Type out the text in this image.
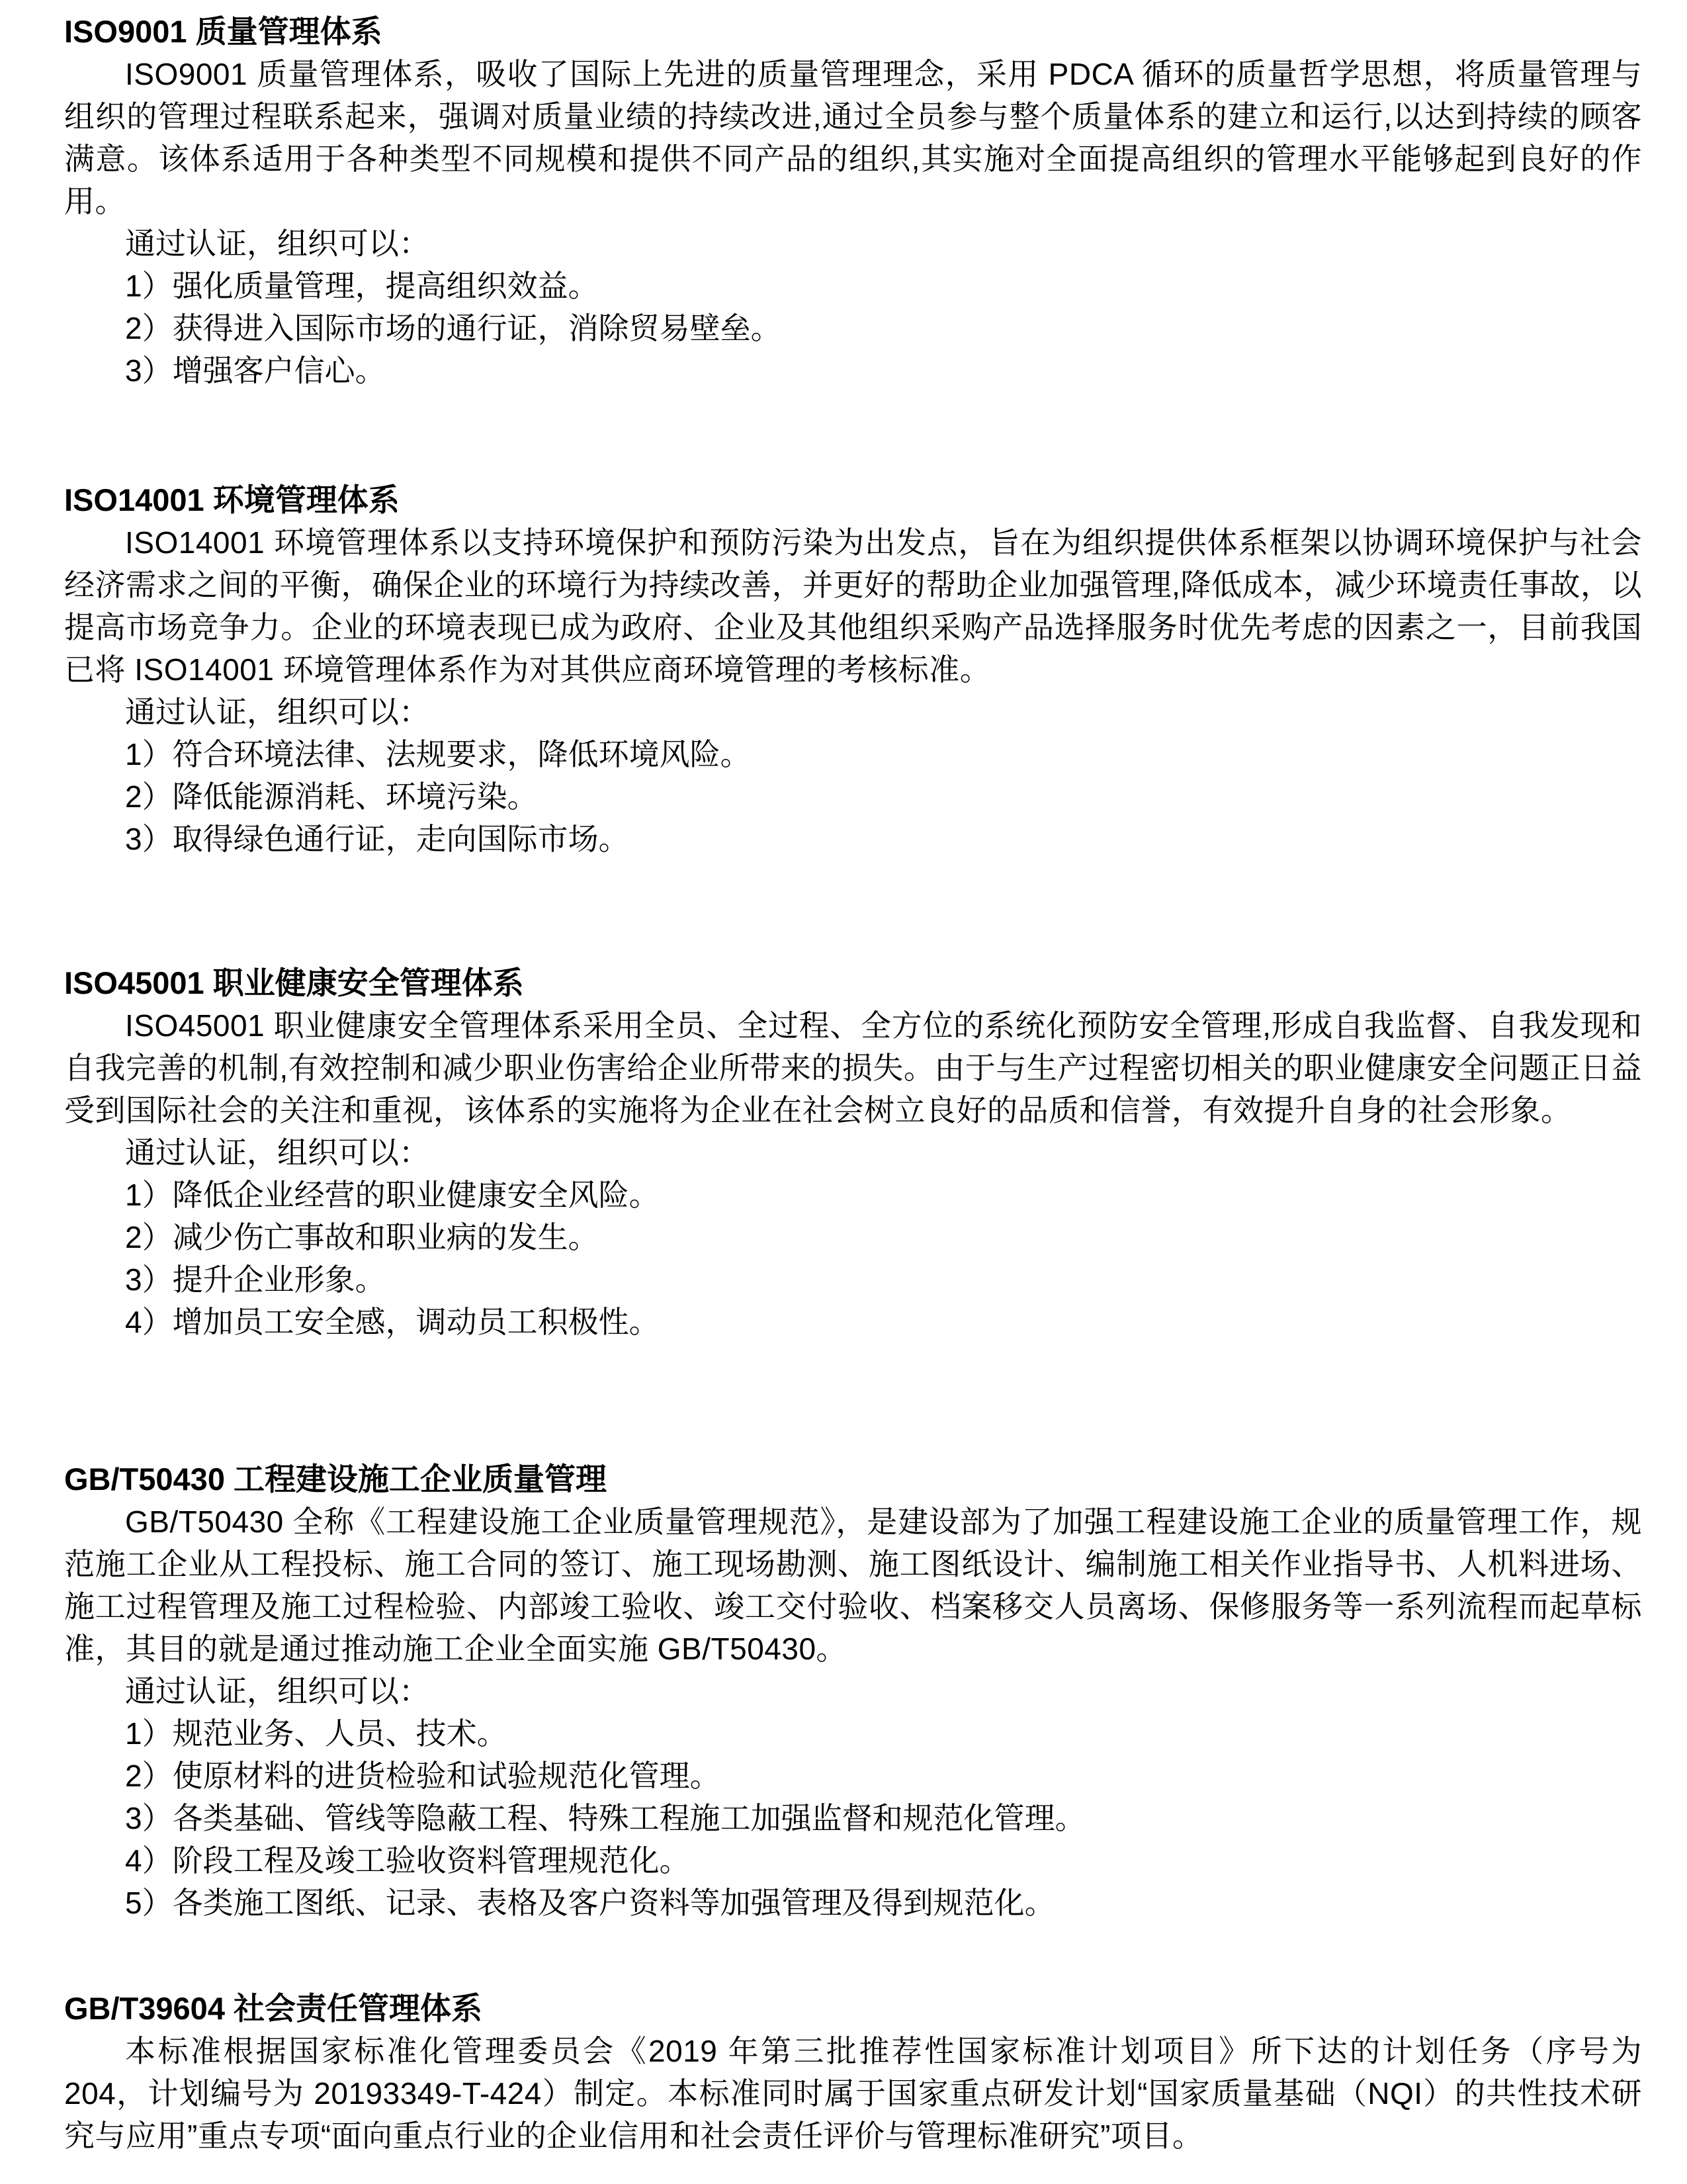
ISO9001 质量管理体系

ISO9001 质量管理体系，吸收了国际上先进的质量管理理念，采用 PDCA 循环的质量哲学思想，将质量管理与组织的管理过程联系起来，强调对质量业绩的持续改进,通过全员参与整个质量体系的建立和运行,以达到持续的顾客满意。该体系适用于各种类型不同规模和提供不同产品的组织,其实施对全面提高组织的管理水平能够起到良好的作用。

通过认证，组织可以：

1）强化质量管理，提高组织效益。
2）获得进入国际市场的通行证，消除贸易壁垒。
3）增强客户信心。
ISO14001 环境管理体系

ISO14001 环境管理体系以支持环境保护和预防污染为出发点，旨在为组织提供体系框架以协调环境保护与社会经济需求之间的平衡，确保企业的环境行为持续改善，并更好的帮助企业加强管理,降低成本，减少环境责任事故，以提高市场竞争力。企业的环境表现已成为政府、企业及其他组织采购产品选择服务时优先考虑的因素之一，目前我国已将 ISO14001 环境管理体系作为对其供应商环境管理的考核标准。

通过认证，组织可以：

1）符合环境法律、法规要求，降低环境风险。
2）降低能源消耗、环境污染。
3）取得绿色通行证，走向国际市场。
ISO45001 职业健康安全管理体系

ISO45001 职业健康安全管理体系采用全员、全过程、全方位的系统化预防安全管理,形成自我监督、自我发现和自我完善的机制,有效控制和减少职业伤害给企业所带来的损失。由于与生产过程密切相关的职业健康安全问题正日益受到国际社会的关注和重视，该体系的实施将为企业在社会树立良好的品质和信誉，有效提升自身的社会形象。

通过认证，组织可以：

1）降低企业经营的职业健康安全风险。
2）减少伤亡事故和职业病的发生。
3）提升企业形象。
4）增加员工安全感，调动员工积极性。
GB/T50430 工程建设施工企业质量管理

GB/T50430 全称《工程建设施工企业质量管理规范》，是建设部为了加强工程建设施工企业的质量管理工作，规范施工企业从工程投标、施工合同的签订、施工现场勘测、施工图纸设计、编制施工相关作业指导书、人机料进场、施工过程管理及施工过程检验、内部竣工验收、竣工交付验收、档案移交人员离场、保修服务等一系列流程而起草标准，其目的就是通过推动施工企业全面实施 GB/T50430。

通过认证，组织可以：

1）规范业务、人员、技术。
2）使原材料的进货检验和试验规范化管理。
3）各类基础、管线等隐蔽工程、特殊工程施工加强监督和规范化管理。
4）阶段工程及竣工验收资料管理规范化。
5）各类施工图纸、记录、表格及客户资料等加强管理及得到规范化。
GB/T39604 社会责任管理体系

本标准根据国家标准化管理委员会《2019 年第三批推荐性国家标准计划项目》所下达的计划任务（序号为 204，计划编号为 20193349-T-424）制定。本标准同时属于国家重点研发计划“国家质量基础（NQI）的共性技术研究与应用”重点专项“面向重点行业的企业信用和社会责任评价与管理标准研究”项目。
